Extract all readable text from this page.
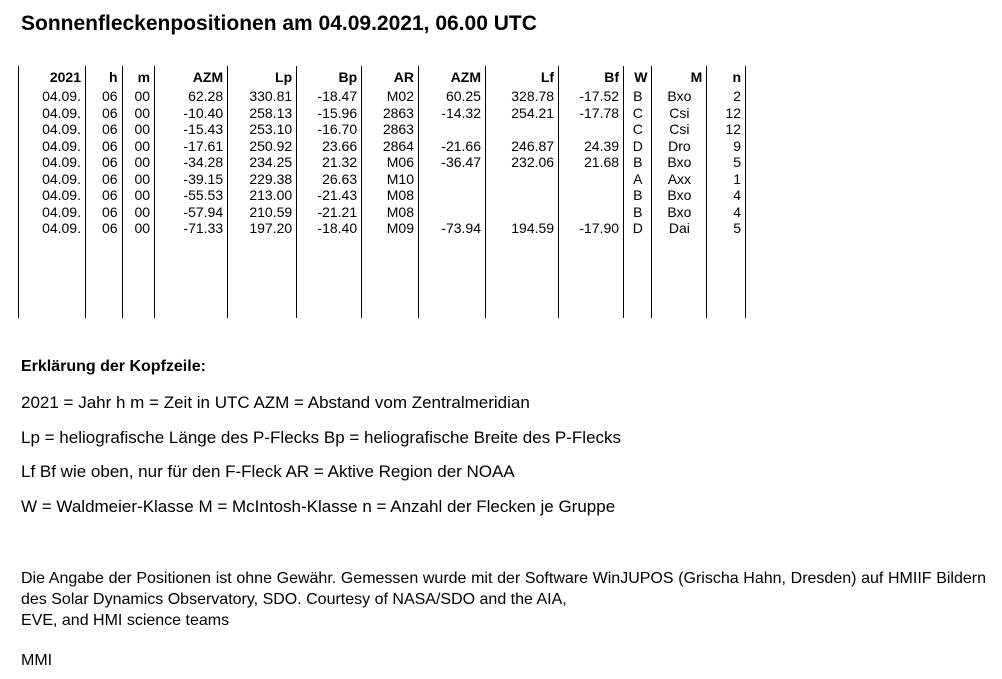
Sonnenfleckenpositionen am 04.09.2021, 06.00 UTC
2021	h	m	AZM	Lp	Bp	AR	AZM	Lf	Bf	W	M	n
04.09.	06	00	62.28	330.81	-18.47	M02	60.25	328.78	-17.52	B	Bxo	2
04.09.	06	00	-10.40	258.13	-15.96	2863	-14.32	254.21	-17.78	C	Csi	12
04.09.	06	00	-15.43	253.10	-16.70	2863				C	Csi	12
04.09.	06	00	-17.61	250.92	23.66	2864	-21.66	246.87	24.39	D	Dro	9
04.09.	06	00	-34.28	234.25	21.32	M06	-36.47	232.06	21.68	B	Bxo	5
04.09.	06	00	-39.15	229.38	26.63	M10				A	Axx	1
04.09.	06	00	-55.53	213.00	-21.43	M08				B	Bxo	4
04.09.	06	00	-57.94	210.59	-21.21	M08				B	Bxo	4
04.09.	06	00	-71.33	197.20	-18.40	M09	-73.94	194.59	-17.90	D	Dai	5

Erklärung der Kopfzeile:
2021 = Jahr h m = Zeit in UTC AZM = Abstand vom Zentralmeridian
Lp = heliografische Länge des P-Flecks Bp = heliografische Breite des P-Flecks
Lf Bf wie oben, nur für den F-Fleck AR = Aktive Region der NOAA
W = Waldmeier-Klasse M = McIntosh-Klasse n = Anzahl der Flecken je Gruppe
Die Angabe der Positionen ist ohne Gewähr. Gemessen wurde mit der Software WinJUPOS (Grischa Hahn, Dresden) auf HMIIF Bildern des Solar Dynamics Observatory, SDO. Courtesy of NASA/SDO and the AIA,
EVE, and HMI science teams
MMI
